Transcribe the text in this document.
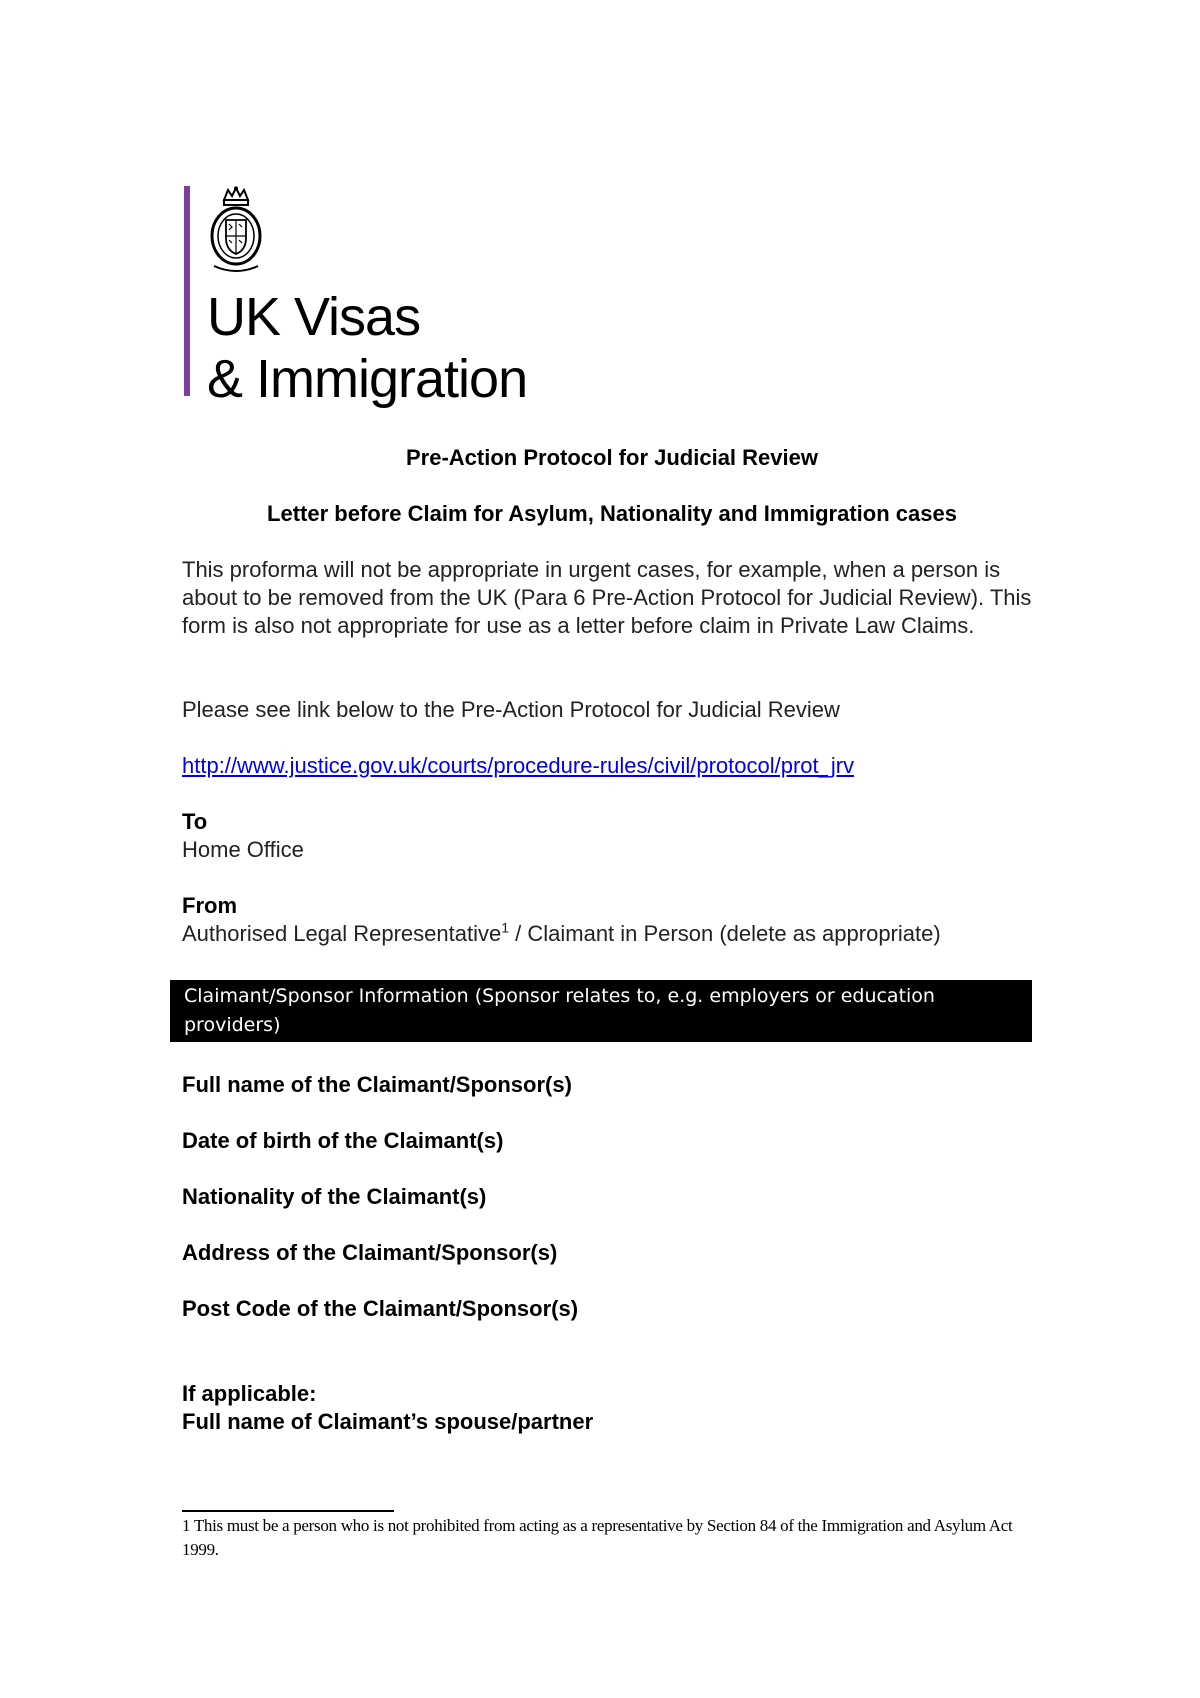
UK Visas
& Immigration

Pre-Action Protocol for Judicial Review

Letter before Claim for Asylum, Nationality and Immigration cases

This proforma will not be appropriate in urgent cases, for example, when a person is about to be removed from the UK (Para 6 Pre-Action Protocol for Judicial Review). This form is also not appropriate for use as a letter before claim in Private Law Claims.

Please see link below to the Pre-Action Protocol for Judicial Review

http://www.justice.gov.uk/courts/procedure-rules/civil/protocol/prot_jrv
To
Home Office
From
Authorised Legal Representative$^1$ / Claimant in Person (delete as appropriate)
Claimant/Sponsor Information (Sponsor relates to, e.g. employers or education providers)
Full name of the Claimant/Sponsor(s)
Date of birth of the Claimant(s)
Nationality of the Claimant(s)
Address of the Claimant/Sponsor(s)
Post Code of the Claimant/Sponsor(s)
If applicable:
Full name of Claimant’s spouse/partner
1 This must be a person who is not prohibited from acting as a representative by Section 84 of the Immigration and Asylum Act 1999.
